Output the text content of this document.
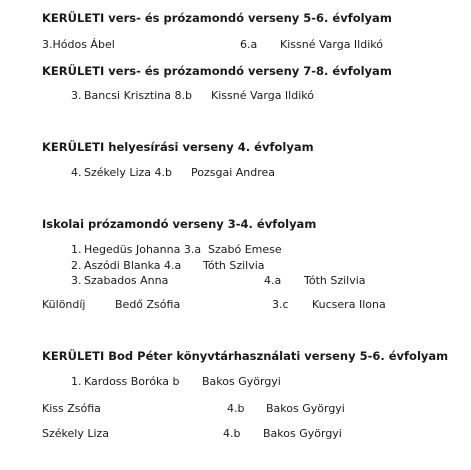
KERÜLETI vers- és prózamondó verseny 5-6. évfolyam
3.Hódos Ábel	6.a Kissné Varga Ildikó
KERÜLETI vers- és prózamondó verseny 7-8. évfolyam
3. Bancsi Krisztina 8.b Kissné Varga Ildikó
KERÜLETI helyesírási verseny 4. évfolyam
4. Székely Liza 4.b Pozsgai Andrea
Iskolai prózamondó verseny 3-4. évfolyam
1. Hegedüs Johanna 3.a Szabó Emese
2. Aszódi Blanka 4.a Tóth Szilvia
3. Szabados Anna	4.a Tóth Szilvia
Különdíj	Bedő Zsófia	3.c Kucsera Ilona
KERÜLETI Bod Péter könyvtárhasználati verseny 5-6. évfolyam
1. Kardoss Boróka b Bakos Györgyi
Kiss Zsófia	4.b Bakos Györgyi
Székely Liza	4.b Bakos Györgyi
